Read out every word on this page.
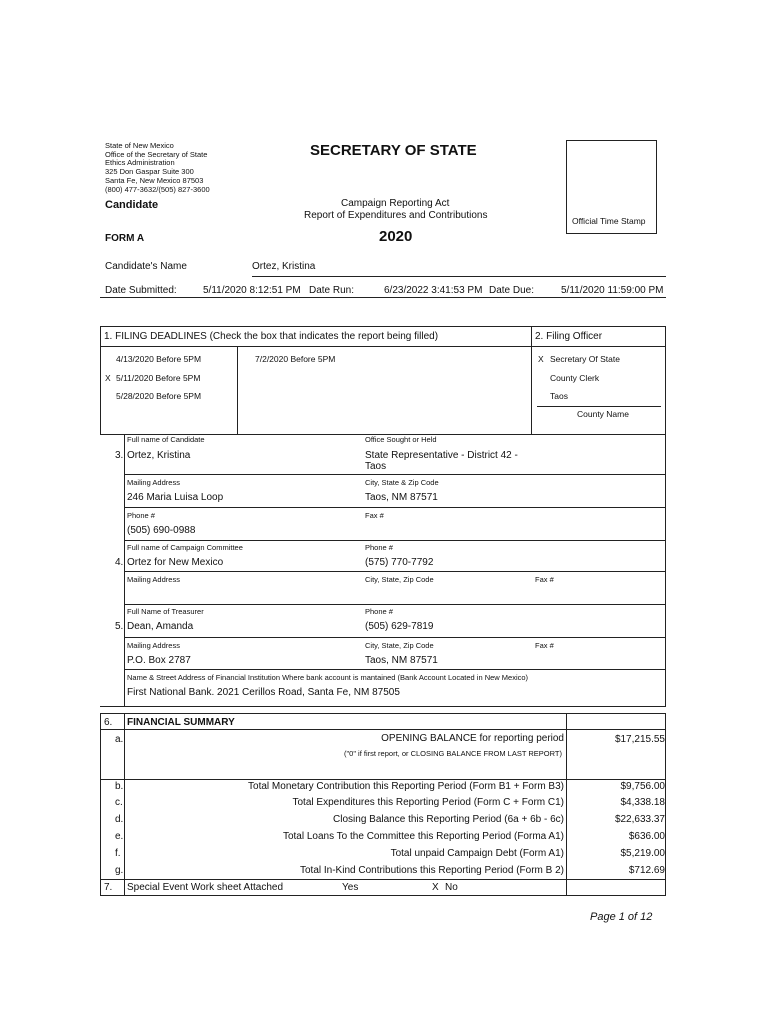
State of New Mexico
Office of the Secretary of State
Ethics Administration
325 Don Gaspar Suite 300
Santa Fe, New Mexico 87503
(800) 477-3632/(505) 827-3600
SECRETARY OF STATE
Candidate	Campaign Reporting Act
Report of Expenditures and Contributions
FORM A	2020
Official Time Stamp
Candidate's Name	Ortez, Kristina
Date Submitted:	5/11/2020 8:12:51 PM Date Run:	6/23/2022 3:41:53 PM Date Due:	5/11/2020 11:59:00 PM
1. FILING DEADLINES (Check the box that indicates the report being filled)	2. Filing Officer
4/13/2020 Before 5PM
X 5/11/2020 Before 5PM
5/28/2020 Before 5PM
7/2/2020 Before 5PM	X Secretary Of State
County Clerk
Taos
County Name
Full name of Candidate	Office Sought or Held
3. Ortez, Kristina	State Representative - District 42 -
Taos
Mailing Address	City, State & Zip Code
246 Maria Luisa Loop	Taos, NM 87571
Phone #	Fax #
(505) 690-0988
Full name of Campaign Committee	Phone #
4. Ortez for New Mexico	(575) 770-7792
Mailing Address	City, State, Zip Code	Fax #
Full Name of Treasurer	Phone #
5. Dean, Amanda	(505) 629-7819
Mailing Address	City, State, Zip Code	Fax #
P.O. Box 2787	Taos, NM 87571
Name & Street Address of Financial Institution Where bank account is mantained (Bank Account Located in New Mexico)
First National Bank. 2021 Cerillos Road, Santa Fe, NM 87505
6. FINANCIAL SUMMARY
a.	OPENING BALANCE for reporting period
("0" if first report, or CLOSING BALANCE FROM LAST REPORT)
$17,215.55
b.	Total Monetary Contribution this Reporting Period (Form B1 + Form B3)	$9,756.00
c.	Total Expenditures this Reporting Period (Form C + Form C1)	$4,338.18
d.	Closing Balance this Reporting Period (6a + 6b - 6c)	$22,633.37
e.	Total Loans To the Committee this Reporting Period (Forma A1)	$636.00
f.	Total unpaid Campaign Debt (Form A1)	$5,219.00
g.	Total In-Kind Contributions this Reporting Period (Form B 2)	$712.69
7. Special Event Work sheet Attached	Yes	X No
Page 1 of 12
